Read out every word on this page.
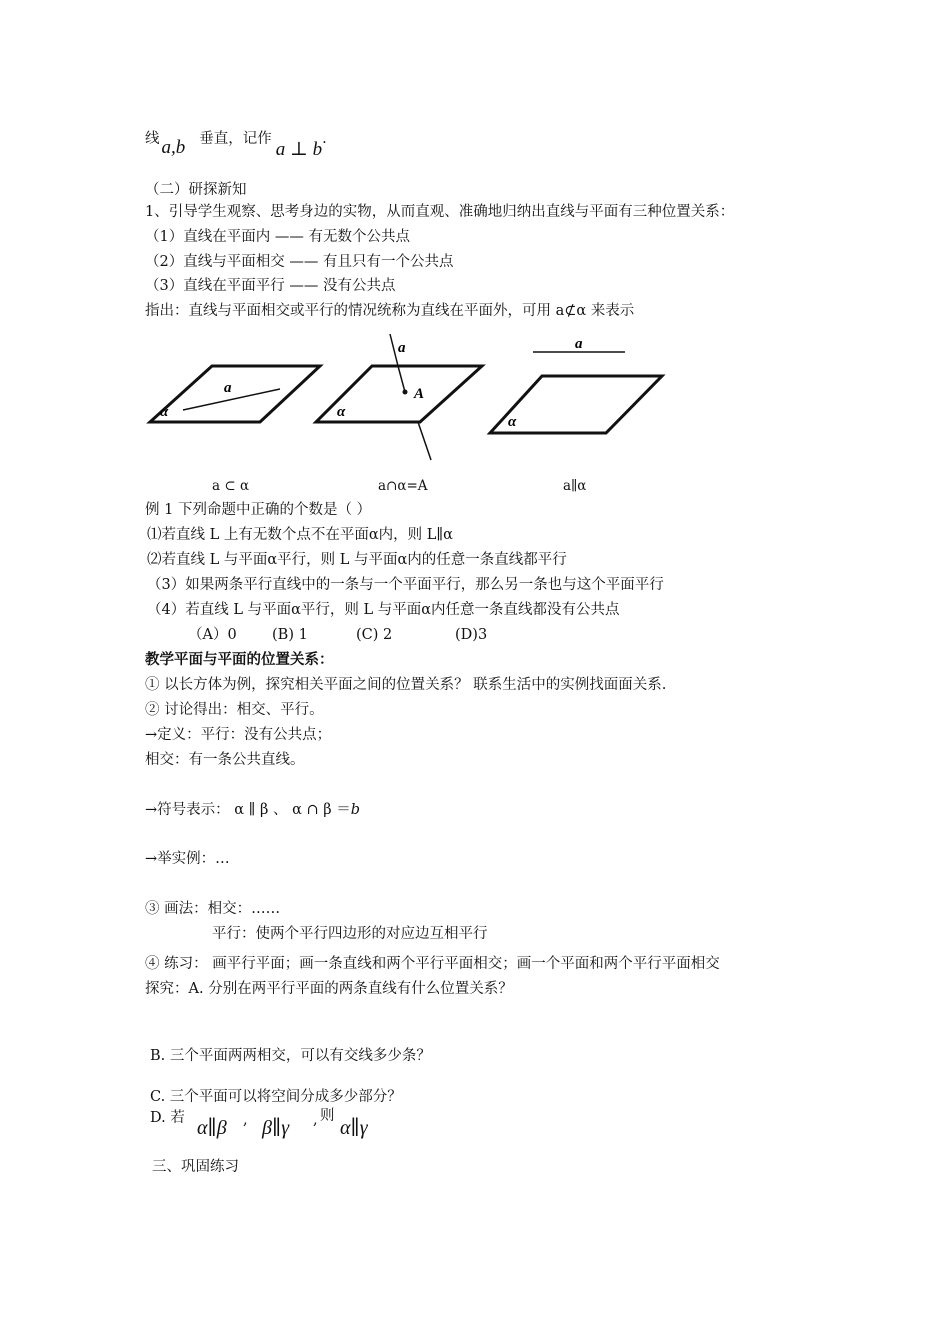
线 a,b 垂直，记作 a ⊥ b.
（二）研探新知
1、引导学生观察、思考身边的实物，从而直观、准确地归纳出直线与平面有三种位置关系：
（1）直线在平面内 —— 有无数个公共点
（2）直线与平面相交 —— 有且只有一个公共点
（3）直线在平面平行 —— 没有公共点
指出：直线与平面相交或平行的情况统称为直线在平面外，可用 a⊄α 来表示
a
α
a
A
α
a
α
a ⊂ α	a∩α=A	a∥α
例 1 下列命题中正确的个数是（ ）
⑴若直线 L 上有无数个点不在平面α内，则 L∥α
⑵若直线 L 与平面α平行，则 L 与平面α内的任意一条直线都平行
（3）如果两条平行直线中的一条与一个平面平行，那么另一条也与这个平面平行
（4）若直线 L 与平面α平行，则 L 与平面α内任意一条直线都没有公共点
（A）0 (B) 1	(C) 2	(D)3
教学平面与平面的位置关系：
① 以长方体为例，探究相关平面之间的位置关系？ 联系生活中的实例找面面关系.
② 讨论得出：相交、平行。
→定义：平行：没有公共点；
相交：有一条公共直线。
→符号表示： α ∥ β 、 α ∩ β ＝b
→举实例：…
③ 画法：相交：……
平行：使两个平行四边形的对应边互相平行
④ 练习： 画平行平面；画一条直线和两个平行平面相交；画一个平面和两个平行平面相交
探究：A. 分别在两平行平面的两条直线有什么位置关系？
B. 三个平面两两相交，可以有交线多少条？
C. 三个平面可以将空间分成多少部分？
D. 若 α∥β , β∥γ , 则
α∥γ
三、巩固练习
